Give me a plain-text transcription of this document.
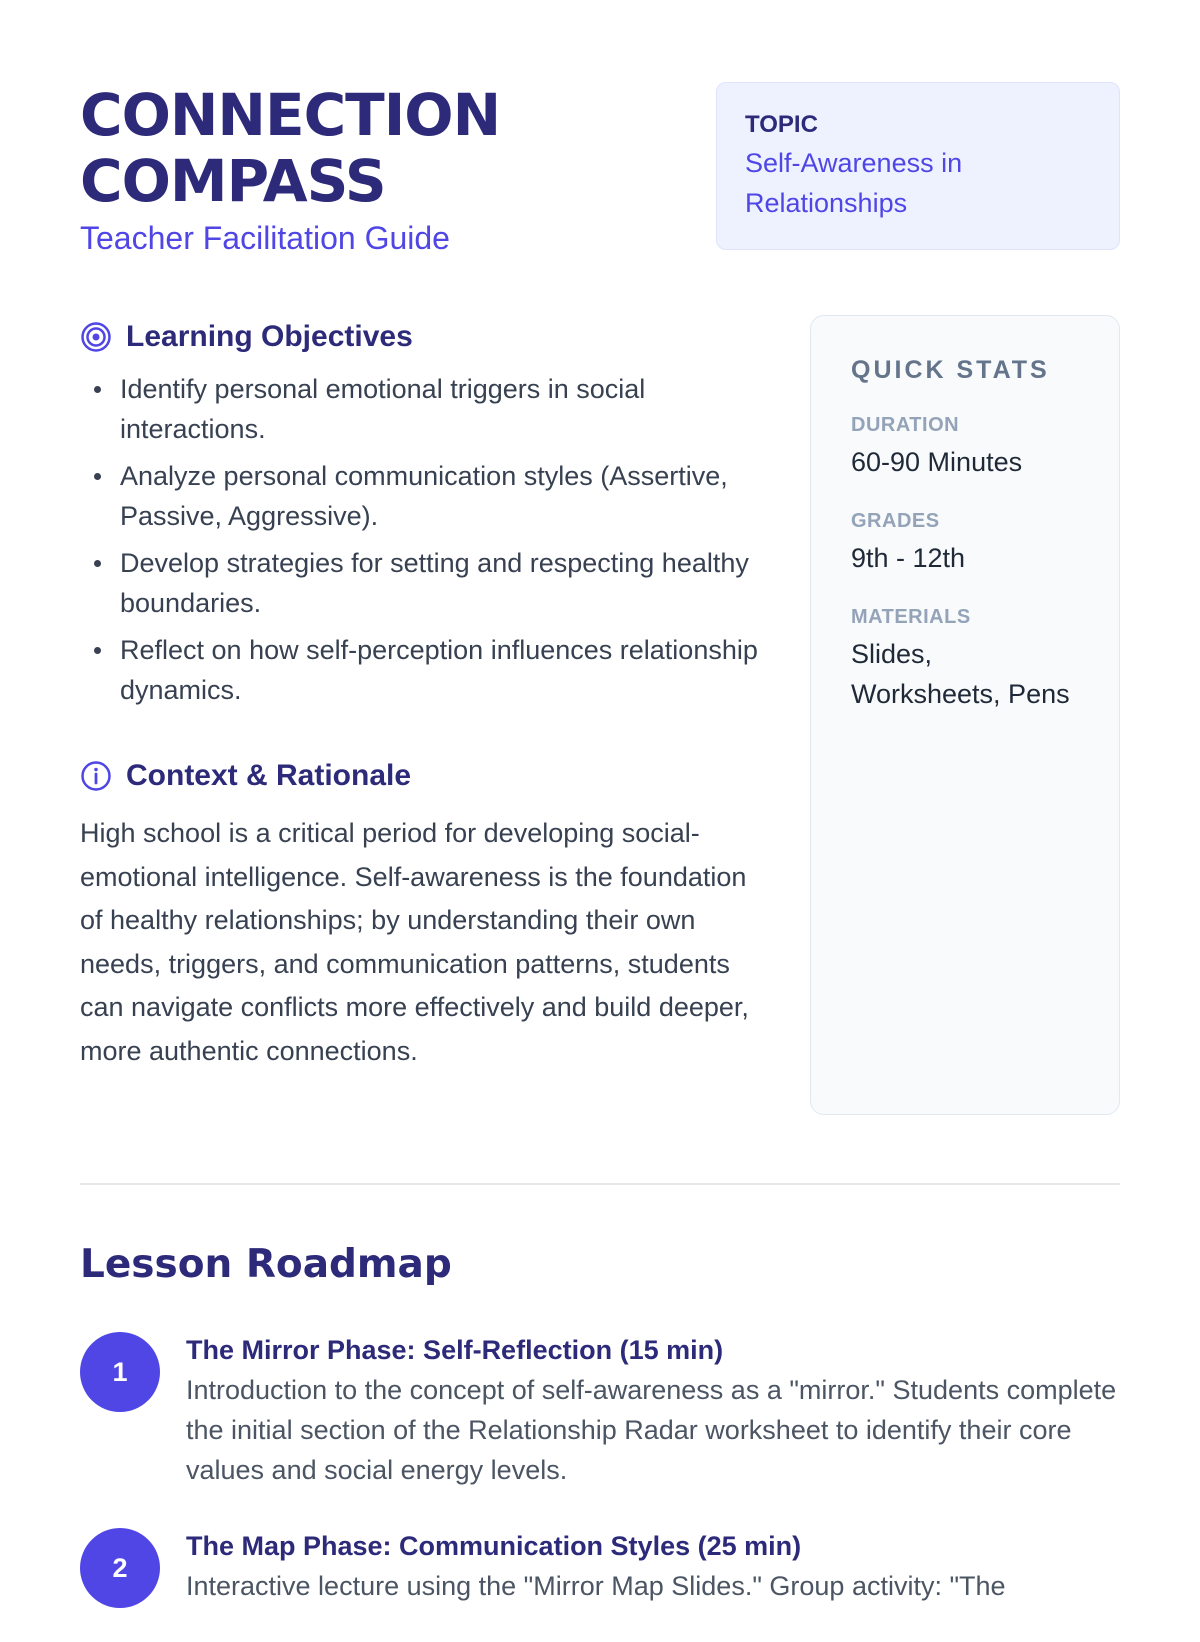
CONNECTION COMPASS
Teacher Facilitation Guide
TOPIC
Self-Awareness in Relationships
Learning Objectives
Identify personal emotional triggers in social interactions.
Analyze personal communication styles (Assertive, Passive, Aggressive).
Develop strategies for setting and respecting healthy boundaries.
Reflect on how self-perception influences relationship dynamics.
Context & Rationale

High school is a critical period for developing social-emotional intelligence. Self-awareness is the foundation of healthy relationships; by understanding their own needs, triggers, and communication patterns, students can navigate conflicts more effectively and build deeper, more authentic connections.

QUICK STATS
DURATION
60-90 Minutes
GRADES
9th - 12th
MATERIALS
Slides, Worksheets, Pens
Lesson Roadmap
1
The Mirror Phase: Self-Reflection (15 min)
Introduction to the concept of self-awareness as a "mirror." Students complete the initial section of the Relationship Radar worksheet to identify their core values and social energy levels.
2
The Map Phase: Communication Styles (25 min)
Interactive lecture using the "Mirror Map Slides." Group activity: "The
